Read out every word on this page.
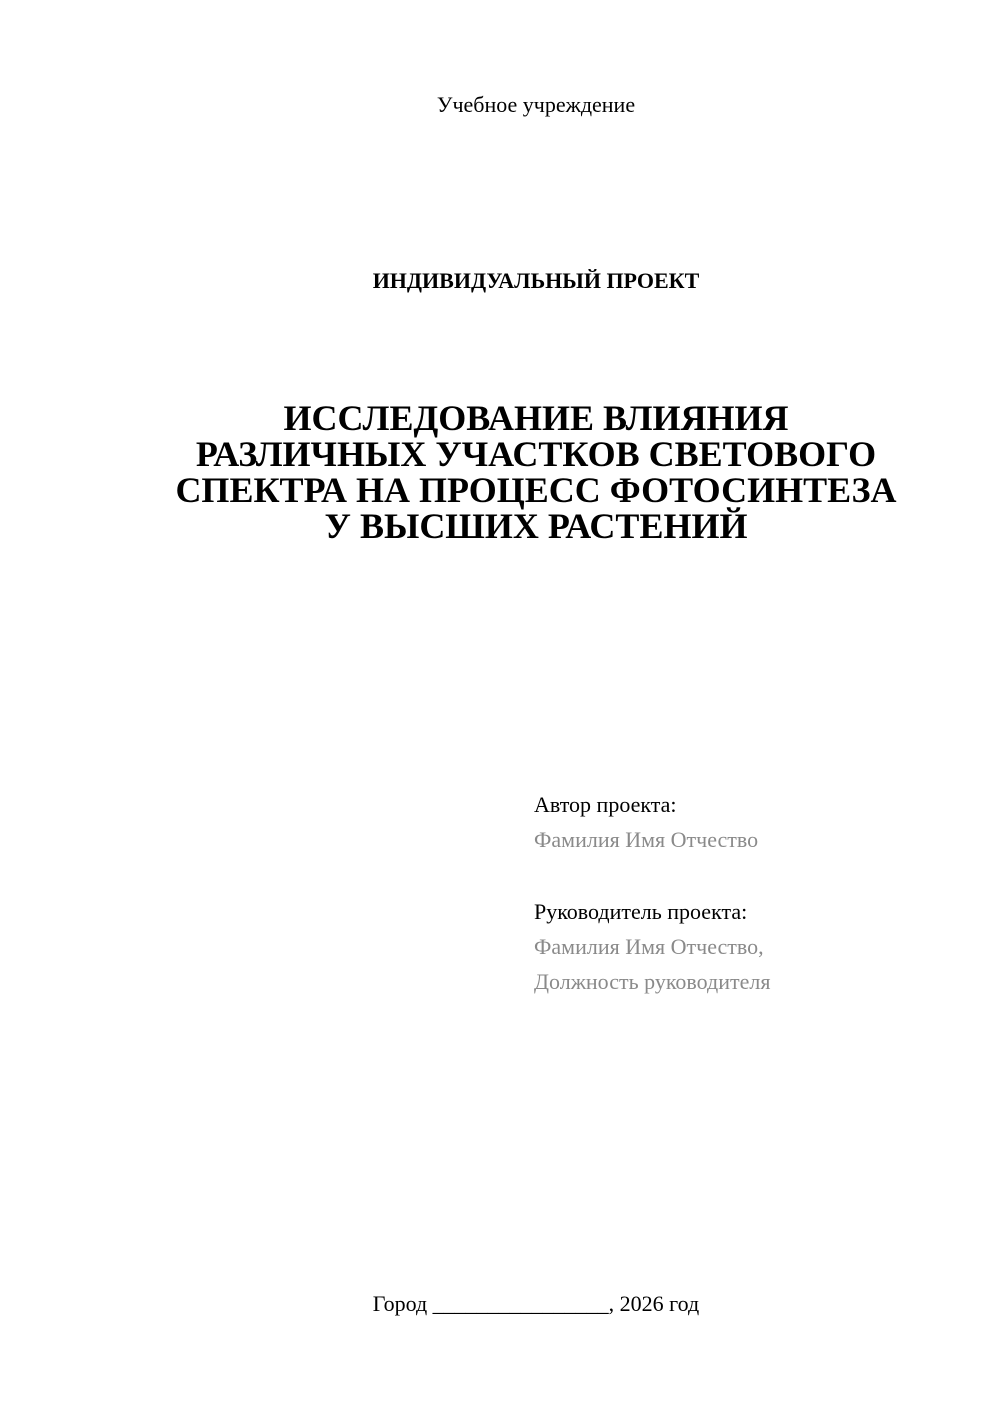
Учебное учреждение
ИНДИВИДУАЛЬНЫЙ ПРОЕКТ
ИССЛЕДОВАНИЕ ВЛИЯНИЯ
РАЗЛИЧНЫХ УЧАСТКОВ СВЕТОВОГО
СПЕКТРА НА ПРОЦЕСС ФОТОСИНТЕЗА
У ВЫСШИХ РАСТЕНИЙ
Автор проекта:
Фамилия Имя Отчество
Руководитель проекта:
Фамилия Имя Отчество,
Должность руководителя
Город ________________, 2026 год
